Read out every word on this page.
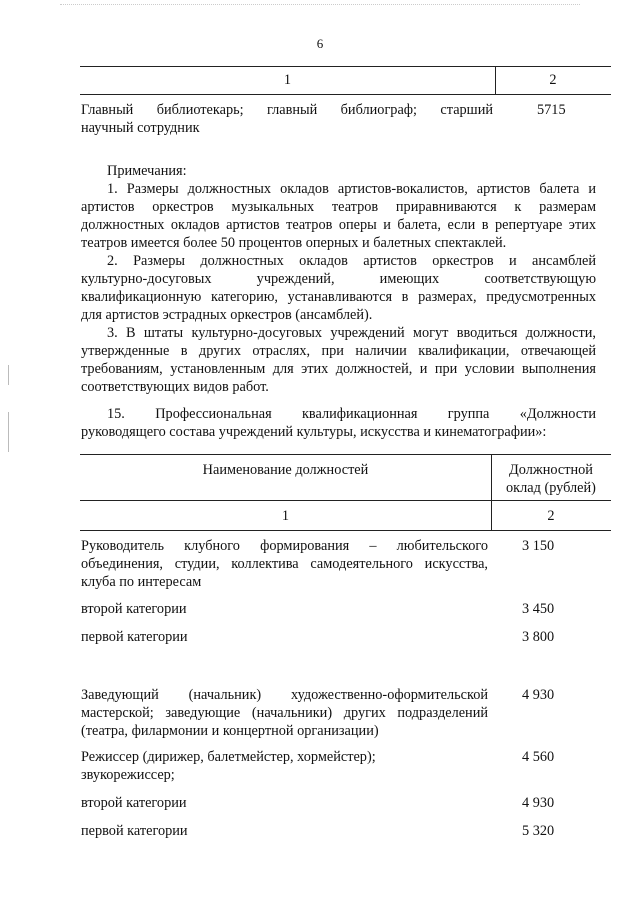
6
1	2
Главный библиотекарь; главный библиограф; старший
научный сотрудник
5715
Примечания:
1. Размеры должностных окладов артистов-вокалистов, артистов балета и
артистов оркестров музыкальных театров приравниваются к размерам
должностных окладов артистов театров оперы и балета, если в репертуаре этих
театров имеется более 50 процентов оперных и балетных спектаклей.
2. Размеры должностных окладов артистов оркестров и ансамблей
культурно-досуговых учреждений, имеющих соответствующую
квалификационную категорию, устанавливаются в размерах, предусмотренных
для артистов эстрадных оркестров (ансамблей).
3. В штаты культурно-досуговых учреждений могут вводиться должности,
утвержденные в других отраслях, при наличии квалификации, отвечающей
требованиям, установленным для этих должностей, и при условии выполнения
соответствующих видов работ.
15. Профессиональная квалификационная группа «Должности
руководящего состава учреждений культуры, искусства и кинематографии»:
Наименование должностей	Должностной
оклад (рублей)
1	2
Руководитель клубного формирования – любительского
объединения, студии, коллектива самодеятельного искусства,
клуба по интересам
3 150
второй категории	3 450
первой категории	3 800
Заведующий (начальник) художественно-оформительской
мастерской; заведующие (начальники) других подразделений
(театра, филармонии и концертной организации)
4 930
Режиссер (дирижер, балетмейстер, хормейстер);
звукорежиссер;
4 560
второй категории	4 930
первой категории	5 320
